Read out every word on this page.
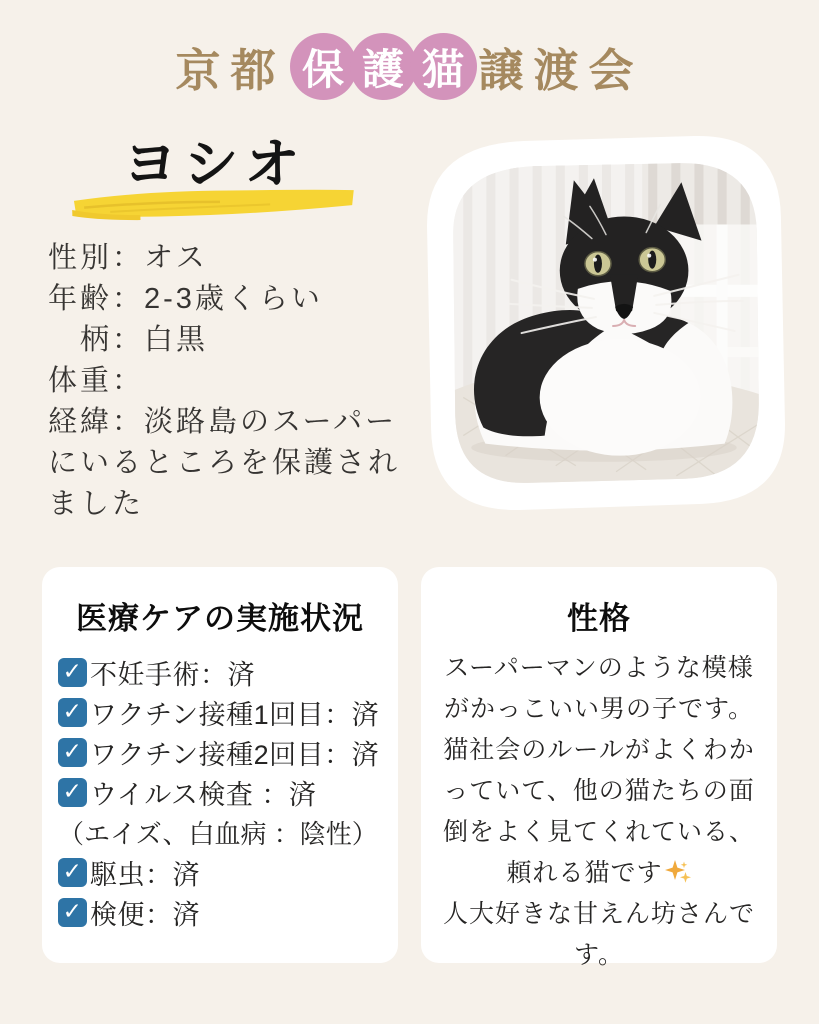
京都 保 護 猫 譲渡会
ヨシオ
性別：オス
年齢：2-3歳くらい
柄：白黒
体重：
経緯：淡路島のスーパーにいるところを保護されました
医療ケアの実施状況
✓ 不妊手術：済
✓ ワクチン接種1回目：済
✓ ワクチン接種2回目：済
✓ ウイルス検査 ：済
（エイズ、白血病 ：陰性）
✓ 駆虫：済
✓ 検便：済
性格

スーパーマンのような模様がかっこいい男の子です。猫社会のルールがよくわかっていて、他の猫たちの面倒をよく見てくれている、頼れる猫です
人大好きな甘えん坊さんです。
